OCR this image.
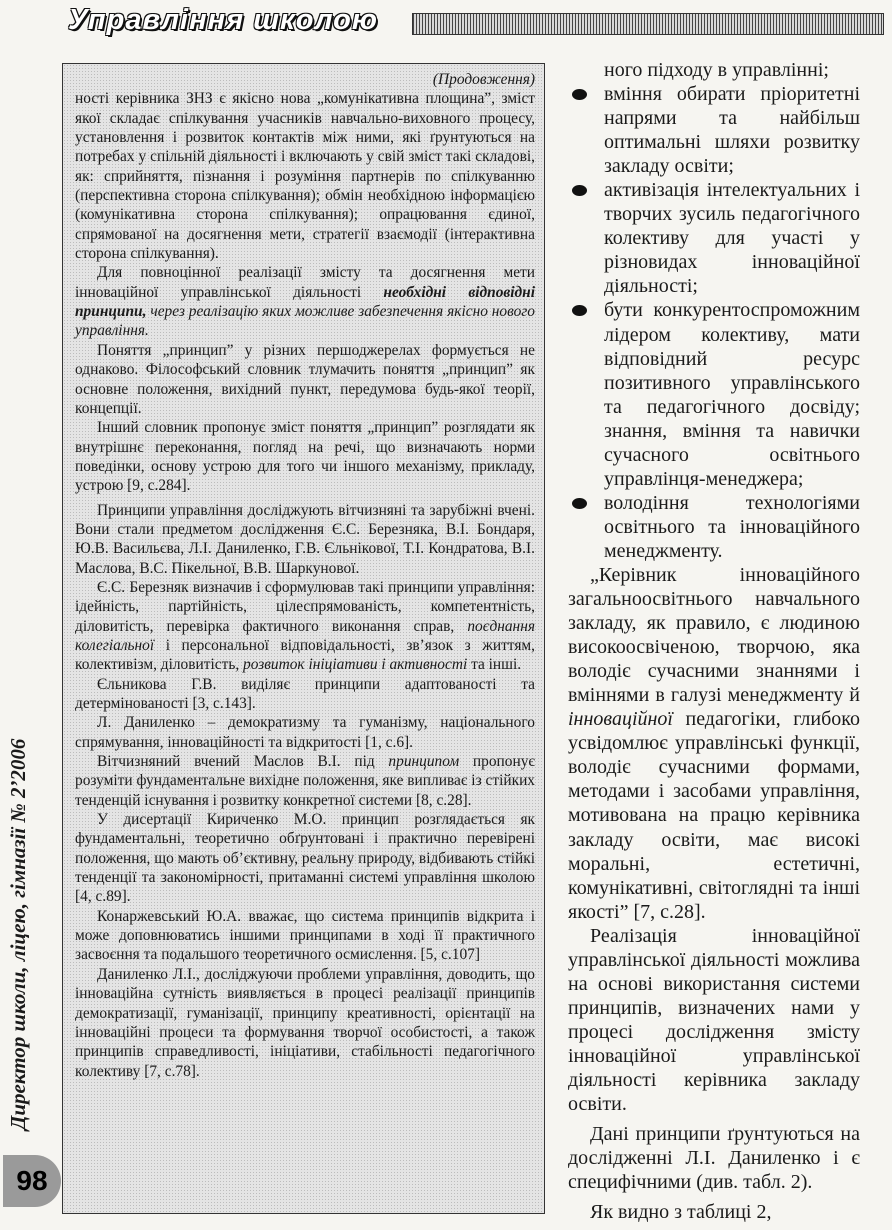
Управління школою
Директор школи, ліцею, гімназії № 2’2006
98

(Продовження)

ності керівника ЗНЗ є якісно нова „комунікативна площина”, зміст якої складає спілкування учасників навчально-виховного процесу, установлення і розвиток контактів між ними, які ґрунтуються на потребах у спільній діяльності і включають у свій зміст такі складові, як: сприйняття, пізнання і розуміння партнерів по спілкуванню (перспективна сторона спілкування); обмін необхідною інформацією (комунікативна сторона спілкування); опрацювання єдиної, спрямованої на досягнення мети, стратегії взаємодії (інтерактивна сторона спілкування).

Для повноцінної реалізації змісту та досягнення мети інноваційної управлінської діяльності необхідні відповідні принципи, через реалізацію яких можливе забезпечення якісно нового управління.

Поняття „принцип” у різних першоджерелах формується не однаково. Філософський словник тлумачить поняття „принцип” як основне положення, вихідний пункт, передумова будь-якої теорії, концепції.

Інший словник пропонує зміст поняття „принцип” розглядати як внутрішнє переконання, погляд на речі, що визначають норми поведінки, основу устрою для того чи іншого механізму, прикладу, устрою [9, с.284].

Принципи управління досліджують вітчизняні та зарубіжні вчені. Вони стали предметом дослідження Є.С. Березняка, В.І. Бондаря, Ю.В. Васильєва, Л.І. Даниленко, Г.В. Єльнікової, Т.І. Кондратова, В.І. Маслова, В.С. Пікельної, В.В. Шаркунової.

Є.С. Березняк визначив і сформулював такі принципи управління: ідейність, партійність, цілеспрямованість, компетентність, діловитість, перевірка фактичного виконання справ, поєднання колегіальної і персональної відповідальності, зв’язок з життям, колективізм, діловитість, розвиток ініціативи і активності та інші.

Єльникова Г.В. виділяє принципи адаптованості та детермінованості [3, с.143].

Л. Даниленко – демократизму та гуманізму, національного спрямування, інноваційності та відкритості [1, с.6].

Вітчизняний вчений Маслов В.І. під принципом пропонує розуміти фундаментальне вихідне положення, яке випливає із стійких тенденцій існування і розвитку конкретної системи [8, с.28].

У дисертації Кириченко М.О. принцип розглядається як фундаментальні, теоретично обґрунтовані і практично перевірені положення, що мають об’єктивну, реальну природу, відбивають стійкі тенденції та закономірності, притаманні системі управління школою [4, с.89].

Конаржевський Ю.А. вважає, що система принципів відкрита і може доповнюватись іншими принципами в ході її практичного засвоєння та подальшого теоретичного осмислення. [5, с.107]

Даниленко Л.І., досліджуючи проблеми управління, доводить, що інноваційна сутність виявляється в процесі реалізації принципів демократизації, гуманізації, принципу креативності, орієнтації на інноваційні процеси та формування творчої особистості, а також принципів справедливості, ініціативи, стабільності педагогічного колективу [7, с.78].

ного підходу в управлінні;

вміння обирати пріоритетні напрями та найбільш оптимальні шляхи розвитку закладу освіти;
активізація інтелектуальних і творчих зусиль педагогічного колективу для участі у різновидах інноваційної діяльності;
бути конкурентоспроможним лідером колективу, мати відповідний ресурс позитивного управлінського та педагогічного досвіду; знання, вміння та навички сучасного освітнього управлінця-менеджера;
володіння технологіями освітнього та інноваційного менеджменту.

„Керівник інноваційного загальноосвітнього навчального закладу, як правило, є людиною високоосвіченою, творчою, яка володіє сучасними знаннями і вміннями в галузі менеджменту й інноваційної педагогіки, глибоко усвідомлює управлінські функції, володіє сучасними формами, методами і засобами управління, мотивована на працю керівника закладу освіти, має високі моральні, естетичні, комунікативні, світоглядні та інші якості” [7, с.28].

Реалізація інноваційної управлінської діяльності можлива на основі використання системи принципів, визначених нами у процесі дослідження змісту інноваційної управлінської діяльності керівника закладу освіти.

Дані принципи ґрунтуються на дослідженні Л.І. Даниленко і є специфічними (див. табл. 2).

Як видно з таблиці 2,
